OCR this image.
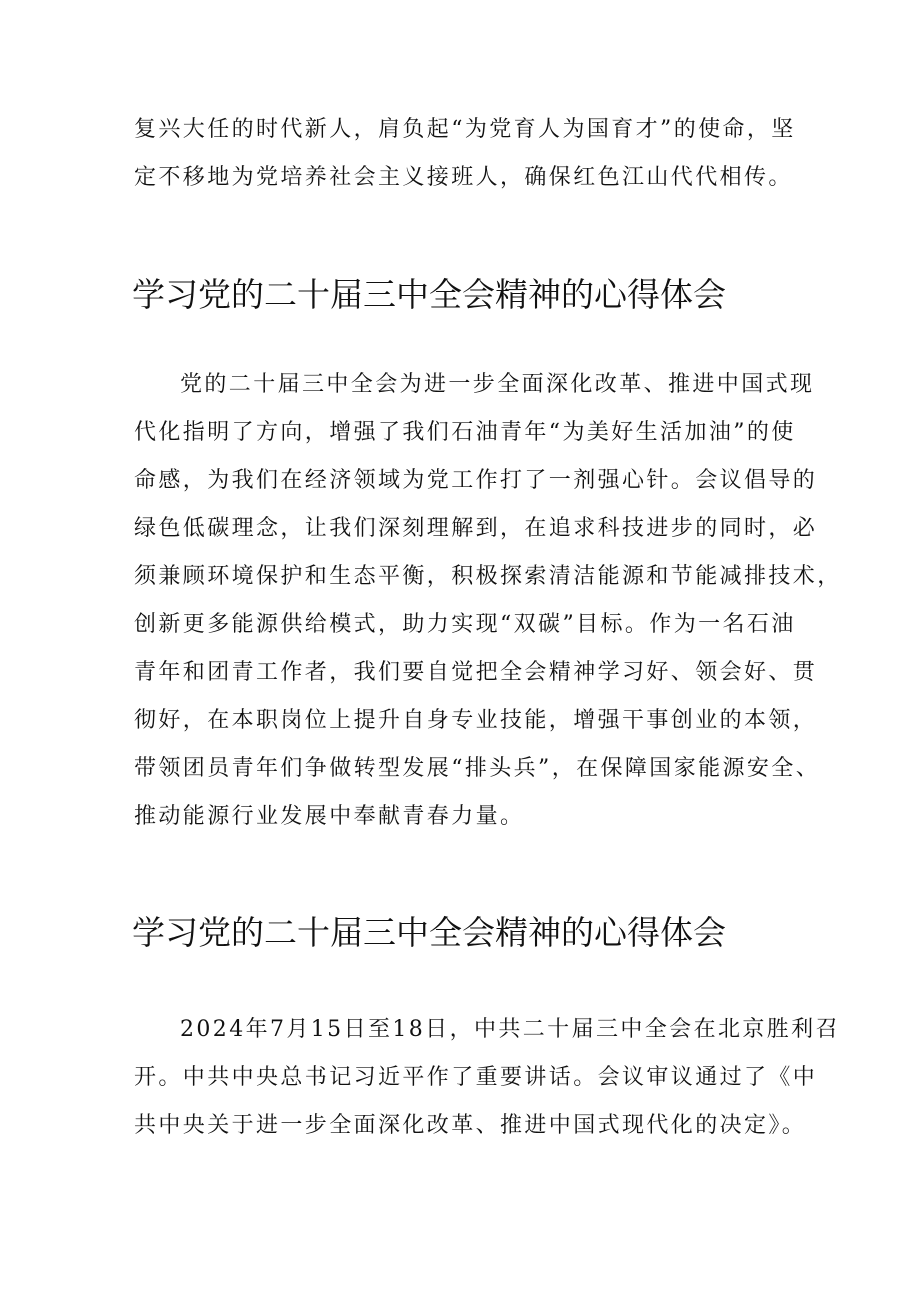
复兴大任的时代新人，肩负起“为党育人为国育才”的使命，坚
定不移地为党培养社会主义接班人，确保红色江山代代相传。
学习党的二十届三中全会精神的心得体会
党的二十届三中全会为进一步全面深化改革、推进中国式现
代化指明了方向，增强了我们石油青年“为美好生活加油”的使
命感，为我们在经济领域为党工作打了一剂强心针。会议倡导的
绿色低碳理念，让我们深刻理解到，在追求科技进步的同时，必
须兼顾环境保护和生态平衡，积极探索清洁能源和节能减排技术，
创新更多能源供给模式，助力实现“双碳”目标。作为一名石油
青年和团青工作者，我们要自觉把全会精神学习好、领会好、贯
彻好，在本职岗位上提升自身专业技能，增强干事创业的本领，
带领团员青年们争做转型发展“排头兵”，在保障国家能源安全、
推动能源行业发展中奉献青春力量。
学习党的二十届三中全会精神的心得体会
2024年7月15日至18日，中共二十届三中全会在北京胜利召
开。中共中央总书记习近平作了重要讲话。会议审议通过了《中
共中央关于进一步全面深化改革、推进中国式现代化的决定》。
